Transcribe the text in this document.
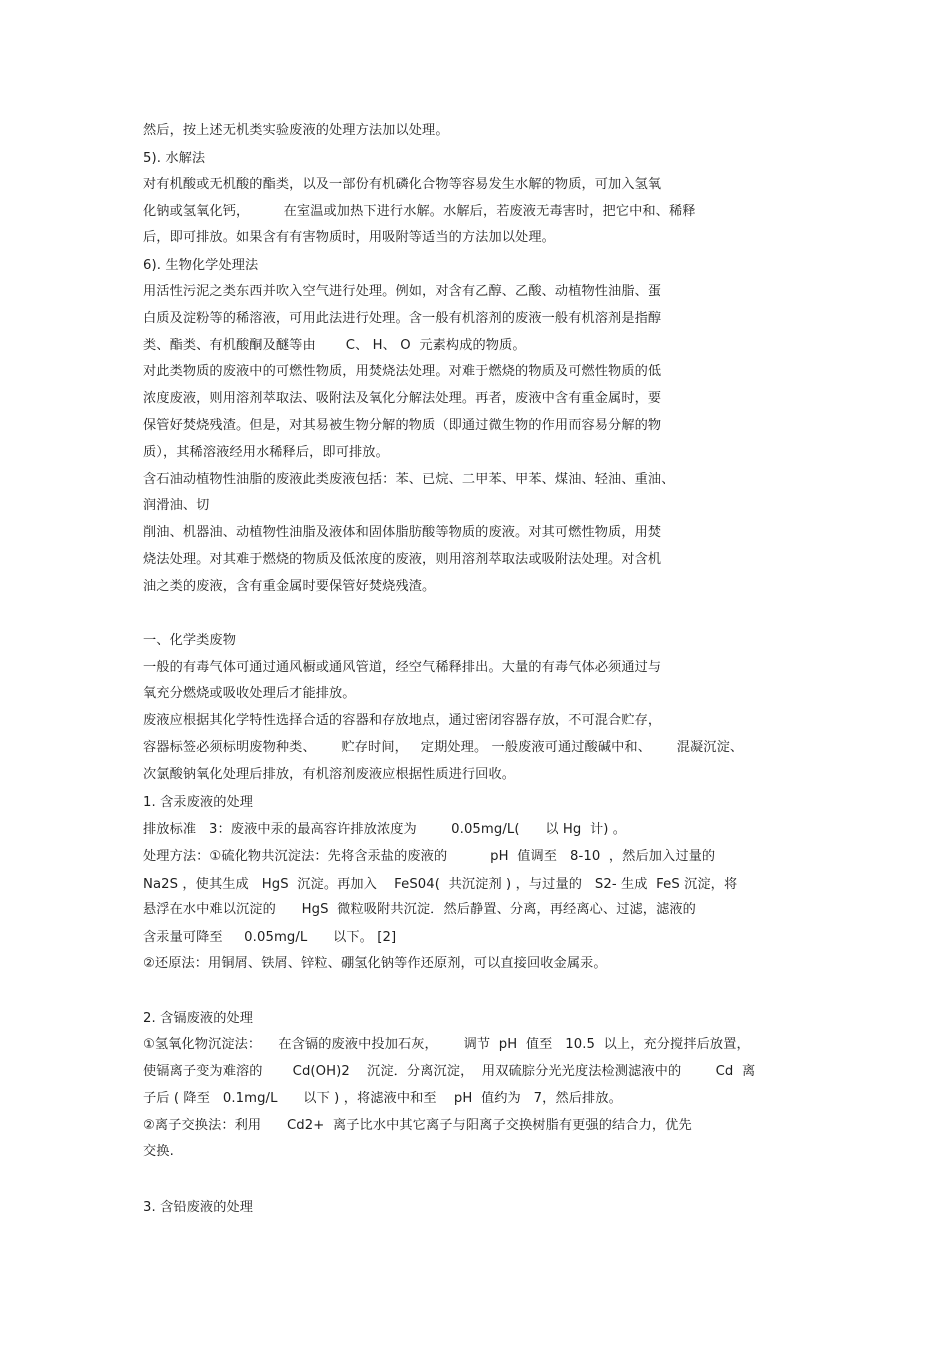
然后，按上述无机类实验废液的处理方法加以处理。
5). 水解法
对有机酸或无机酸的酯类，以及一部份有机磷化合物等容易发生水解的物质，可加入氢氧
化钠或氢氧化钙，        在室温或加热下进行水解。水解后，若废液无毒害时，把它中和、稀释
后，即可排放。如果含有有害物质时，用吸附等适当的方法加以处理。
6). 生物化学处理法
用活性污泥之类东西并吹入空气进行处理。例如，对含有乙醇、乙酸、动植物性油脂、蛋
白质及淀粉等的稀溶液，可用此法进行处理。含一般有机溶剂的废液一般有机溶剂是指醇
类、酯类、有机酸酮及醚等由       C、 H、 O  元素构成的物质。
对此类物质的废液中的可燃性物质，用焚烧法处理。对难于燃烧的物质及可燃性物质的低
浓度废液，则用溶剂萃取法、吸附法及氧化分解法处理。再者，废液中含有重金属时，要
保管好焚烧残渣。但是，对其易被生物分解的物质（即通过微生物的作用而容易分解的物
质），其稀溶液经用水稀释后，即可排放。
含石油动植物性油脂的废液此类废液包括：苯、已烷、二甲苯、甲苯、煤油、轻油、重油、
润滑油、切
削油、机器油、动植物性油脂及液体和固体脂肪酸等物质的废液。对其可燃性物质，用焚
烧法处理。对其难于燃烧的物质及低浓度的废液，则用溶剂萃取法或吸附法处理。对含机
油之类的废液，含有重金属时要保管好焚烧残渣。
一、化学类废物
一般的有毒气体可通过通风橱或通风管道，经空气稀释排出。大量的有毒气体必须通过与
氧充分燃烧或吸收处理后才能排放。
废液应根据其化学特性选择合适的容器和存放地点，通过密闭容器存放，不可混合贮存，
容器标签必须标明废物种类、      贮存时间，   定期处理。 一般废液可通过酸碱中和、      混凝沉淀、
次氯酸钠氧化处理后排放，有机溶剂废液应根据性质进行回收。
1. 含汞废液的处理
排放标准   3：废液中汞的最高容许排放浓度为        0.05mg/L(      以 Hg  计) 。
处理方法：①硫化物共沉淀法：先将含汞盐的废液的          pH  值调至   8-10  ，然后加入过量的
Na2S ，使其生成   HgS  沉淀。再加入    FeS04(  共沉淀剂 ) ，与过量的   S2- 生成  FeS 沉淀，将
悬浮在水中难以沉淀的      HgS  微粒吸附共沉淀．然后静置、分离，再经离心、过滤，滤液的
含汞量可降至     0.05mg/L      以下。 [2]
②还原法：用铜屑、铁屑、锌粒、硼氢化钠等作还原剂，可以直接回收金属汞。
2. 含镉废液的处理
①氢氧化物沉淀法：    在含镉的废液中投加石灰，      调节  pH  值至   10.5  以上，充分搅拌后放置，
使镉离子变为难溶的       Cd(OH)2    沉淀．分离沉淀，  用双硫腙分光光度法检测滤液中的        Cd  离
子后 ( 降至   0.1mg/L      以下 ) ，将滤液中和至    pH  值约为   7，然后排放。
②离子交换法：利用      Cd2+  离子比水中其它离子与阳离子交换树脂有更强的结合力，优先
交换.
3. 含铅废液的处理
